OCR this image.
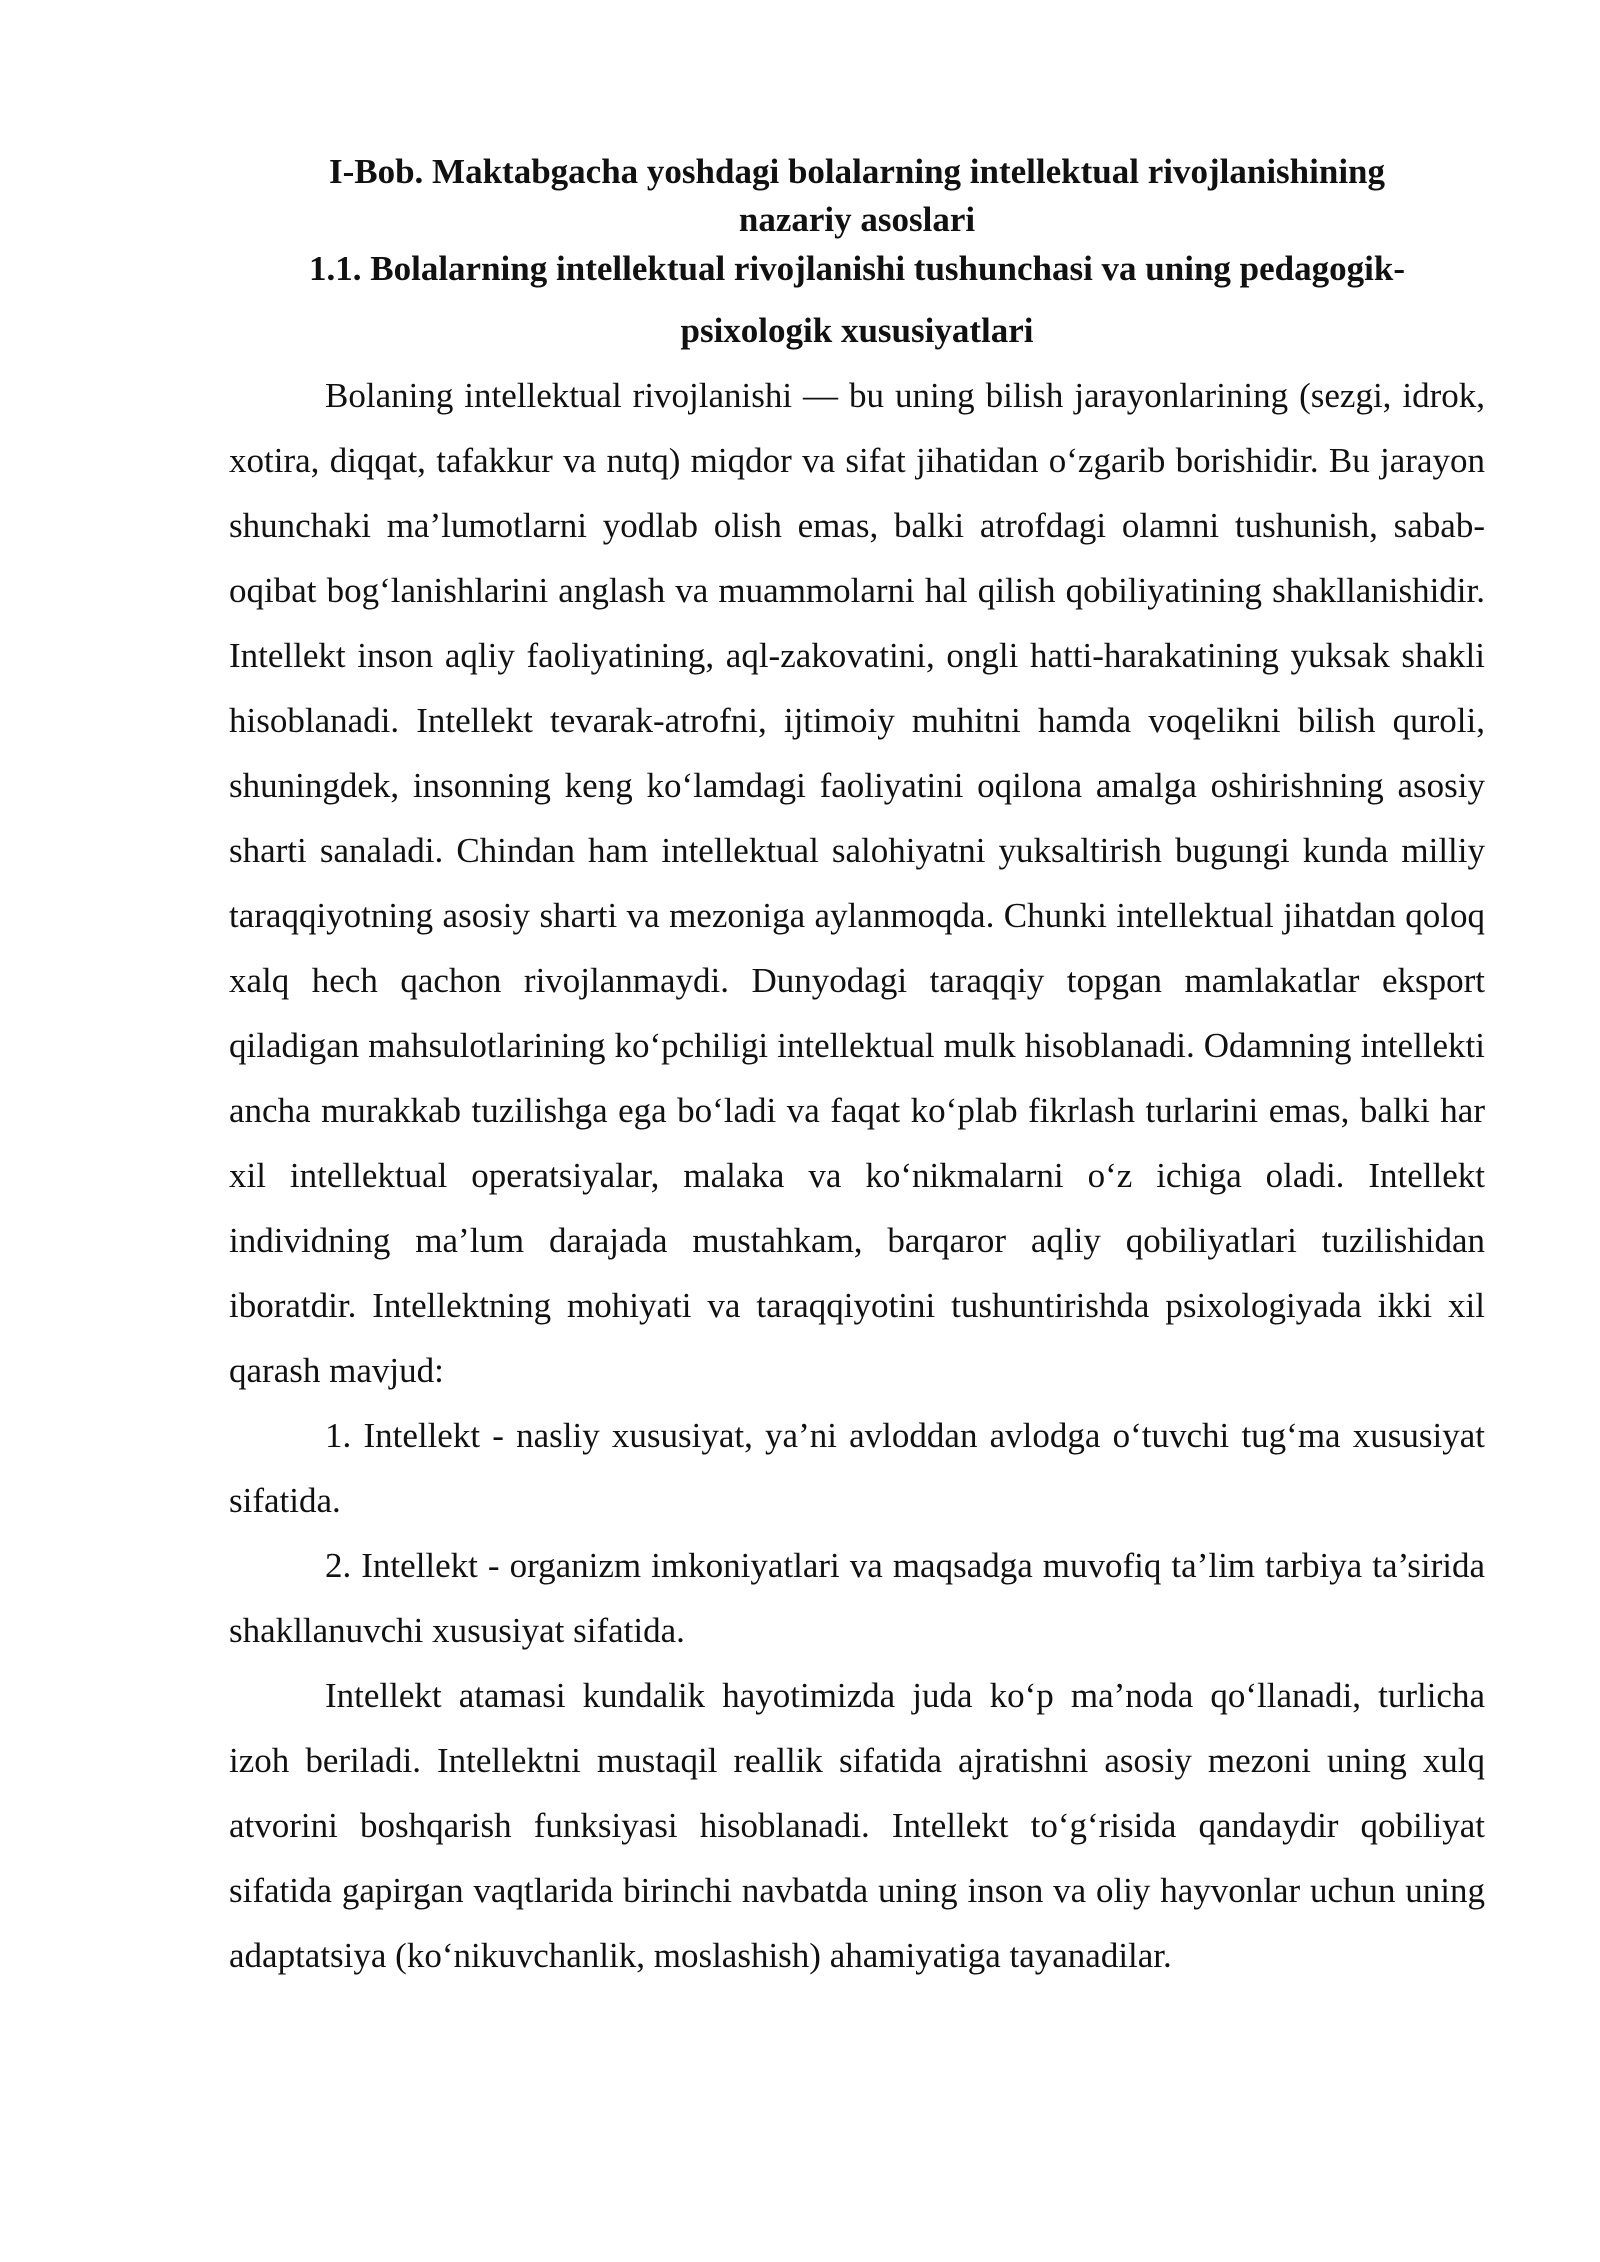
I-Bob. Maktabgacha yoshdagi bolalarning intellektual rivojlanishining
nazariy asoslari

1.1. Bolalarning intellektual rivojlanishi tushunchasi va uning pedagogik-

psixologik xususiyatlari

Bolaning intellektual rivojlanishi — bu uning bilish jarayonlarining (sezgi, idrok, xotira, diqqat, tafakkur va nutq) miqdor va sifat jihatidan o‘zgarib borishidir. Bu jarayon shunchaki ma’lumotlarni yodlab olish emas, balki atrofdagi olamni tushunish, sabab-oqibat bog‘lanishlarini anglash va muammolarni hal qilish qobiliyatining shakllanishidir. Intellekt inson aqliy faoliyatining, aql-zakovatini, ongli hatti-harakatining yuksak shakli hisoblanadi. Intellekt tevarak-atrofni, ijtimoiy muhitni hamda voqelikni bilish quroli, shuningdek, insonning keng ko‘lamdagi faoliyatini oqilona amalga oshirishning asosiy sharti sanaladi. Chindan ham intellektual salohiyatni yuksaltirish bugungi kunda milliy taraqqiyotning asosiy sharti va mezoniga aylanmoqda. Chunki intellektual jihatdan qoloq xalq hech qachon rivojlanmaydi. Dunyodagi taraqqiy topgan mamlakatlar eksport qiladigan mahsulotlarining ko‘pchiligi intellektual mulk hisoblanadi. Odamning intellekti ancha murakkab tuzilishga ega bo‘ladi va faqat ko‘plab fikrlash turlarini emas, balki har xil intellektual operatsiyalar, malaka va ko‘nikmalarni o‘z ichiga oladi. Intellekt individning ma’lum darajada mustahkam, barqaror aqliy qobiliyatlari tuzilishidan iboratdir. Intellektning mohiyati va taraqqiyotini tushuntirishda psixologiyada ikki xil qarash mavjud:

1. Intellekt - nasliy xususiyat, ya’ni avloddan avlodga o‘tuvchi tug‘ma xususiyat sifatida.

2. Intellekt - organizm imkoniyatlari va maqsadga muvofiq ta’lim tarbiya ta’sirida shakllanuvchi xususiyat sifatida.

Intellekt atamasi kundalik hayotimizda juda ko‘p ma’noda qo‘llanadi, turlicha izoh beriladi. Intellektni mustaqil reallik sifatida ajratishni asosiy mezoni uning xulq atvorini boshqarish funksiyasi hisoblanadi. Intellekt to‘g‘risida qandaydir qobiliyat sifatida gapirgan vaqtlarida birinchi navbatda uning inson va oliy hayvonlar uchun uning adaptatsiya (ko‘nikuvchanlik, moslashish) ahamiyatiga tayanadilar.
